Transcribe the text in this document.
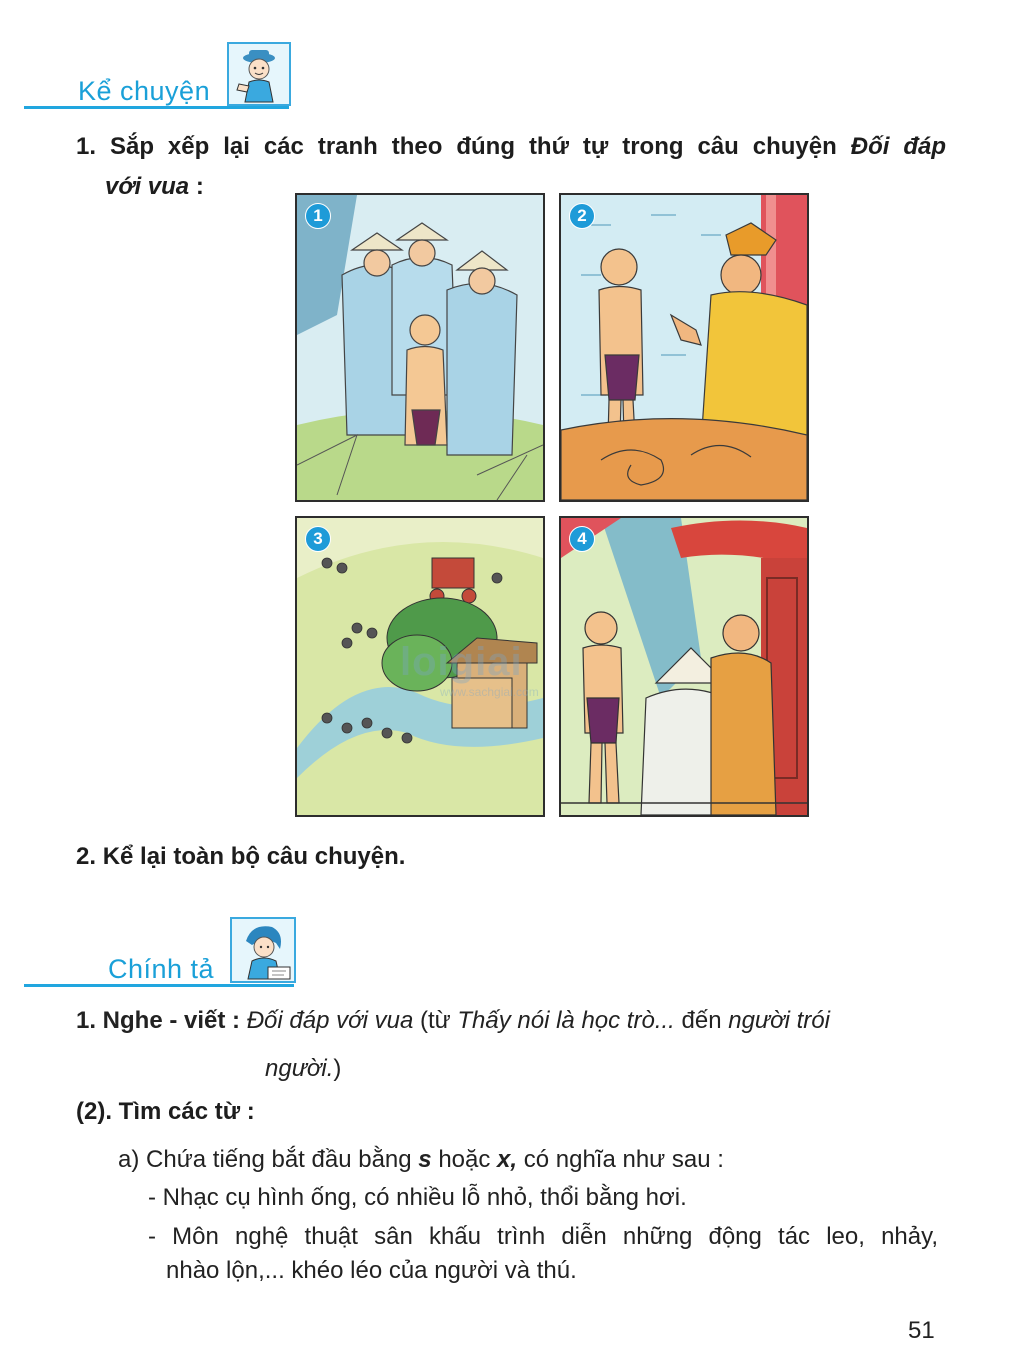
Kể chuyện
1. Sắp xếp lại các tranh theo đúng thứ tự trong câu chuyện Đối đáp
với vua :
1	2
3	4
loigiai
www.sachgiai.com
2. Kể lại toàn bộ câu chuyện.
Chính tả
1. Nghe - viết : Đối đáp với vua (từ Thấy nói là học trò... đến người trói
người.)
(2). Tìm các từ :
a) Chứa tiếng bắt đầu bằng s hoặc x, có nghĩa như sau :
- Nhạc cụ hình ống, có nhiều lỗ nhỏ, thổi bằng hơi.
- Môn nghệ thuật sân khấu trình diễn những động tác leo, nhảy,
nhào lộn,... khéo léo của người và thú.
51
